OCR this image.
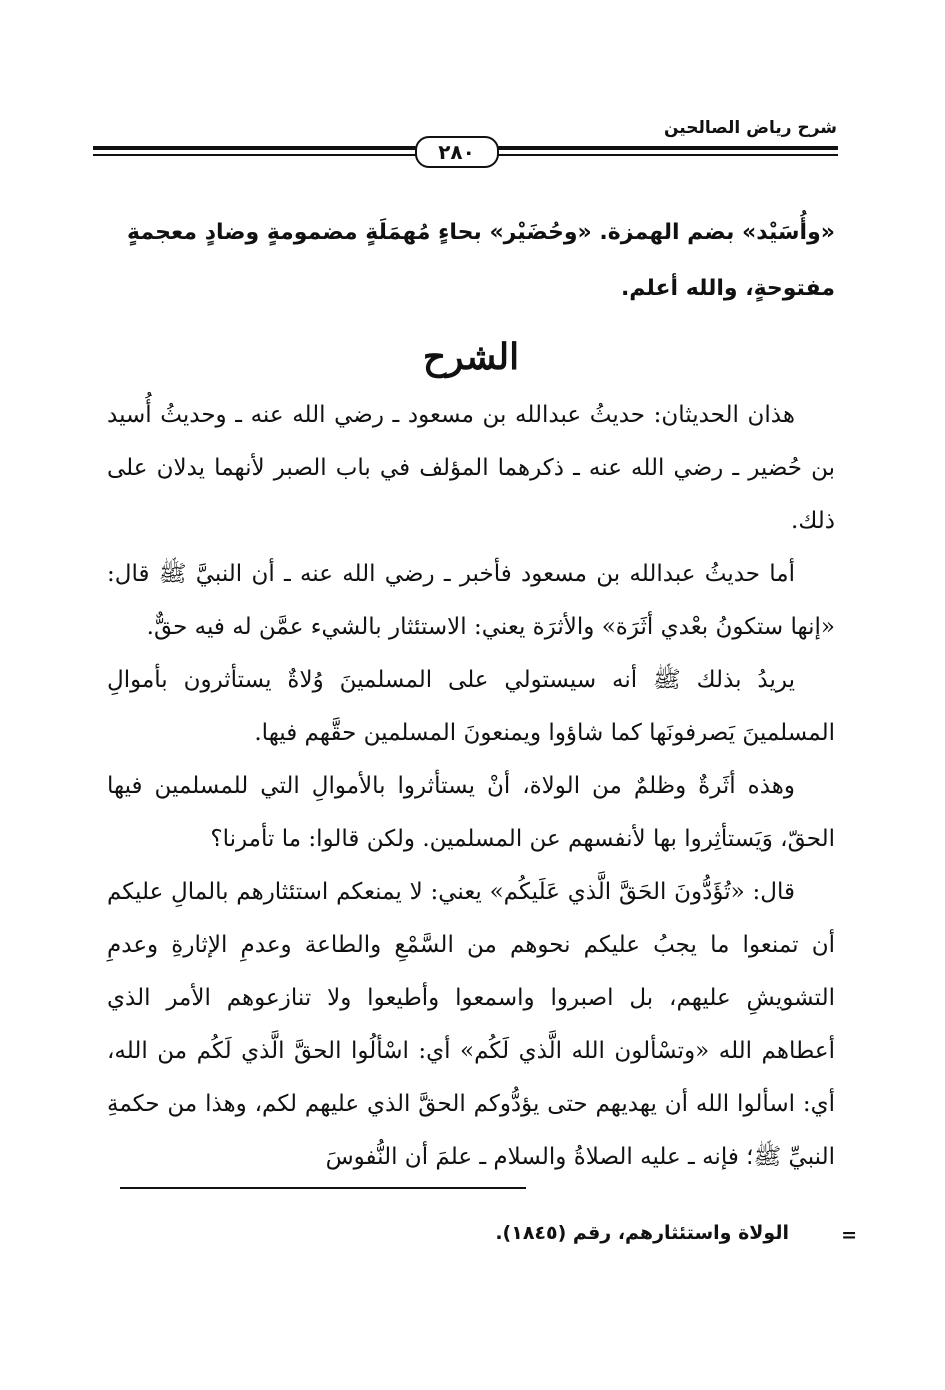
شرح رياض الصالحين
٢٨٠

«وأُسَيْد» بضم الهمزة. «وحُضَيْر» بحاءٍ مُهمَلَةٍ مضمومةٍ وضادٍ معجمةٍ

مفتوحةٍ، والله أعلم.

الشرح

هذان الحديثان: حديثُ عبدالله بن مسعود ـ رضي الله عنه ـ وحديثُ أُسيد بن حُضير ـ رضي الله عنه ـ ذكرهما المؤلف في باب الصبر لأنهما يدلان على ذلك.

أما حديثُ عبدالله بن مسعود فأخبر ـ رضي الله عنه ـ أن النبيَّ ﷺ قال: «إنها ستكونُ بعْدي أثَرَة» والأثرَة يعني: الاستئثار بالشيء عمَّن له فيه حقٌّ.

يريدُ بذلك ﷺ أنه سيستولي على المسلمينَ وُلاةٌ يستأثرون بأموالِ المسلمينَ يَصرفونَها كما شاؤوا ويمنعونَ المسلمين حقَّهم فيها.

وهذه أثَرةٌ وظلمٌ من الولاة، أنْ يستأثروا بالأموالِ التي للمسلمين فيها الحقّ، وَيَستأثِروا بها لأنفسهم عن المسلمين. ولكن قالوا: ما تأمرنا؟

قال: «تُؤَدُّونَ الحَقَّ الَّذي عَلَيكُم» يعني: لا يمنعكم استئثارهم بالمالِ عليكم أن تمنعوا ما يجبُ عليكم نحوهم من السَّمْعِ والطاعة وعدمِ الإثارةِ وعدمِ التشويشِ عليهم، بل اصبروا واسمعوا وأطيعوا ولا تنازعوهم الأمر الذي أعطاهم الله «وتسْألون الله الَّذي لَكُم» أي: اسْألُوا الحقَّ الَّذي لَكُم من الله، أي: اسألوا الله أن يهديهم حتى يؤدُّوكم الحقَّ الذي عليهم لكم، وهذا من حكمةِ النبيِّ ﷺ؛ فإنه ـ عليه الصلاةُ والسلام ـ علمَ أن النُّفوسَ

الولاة واستئثارهم، رقم (١٨٤٥).	=
